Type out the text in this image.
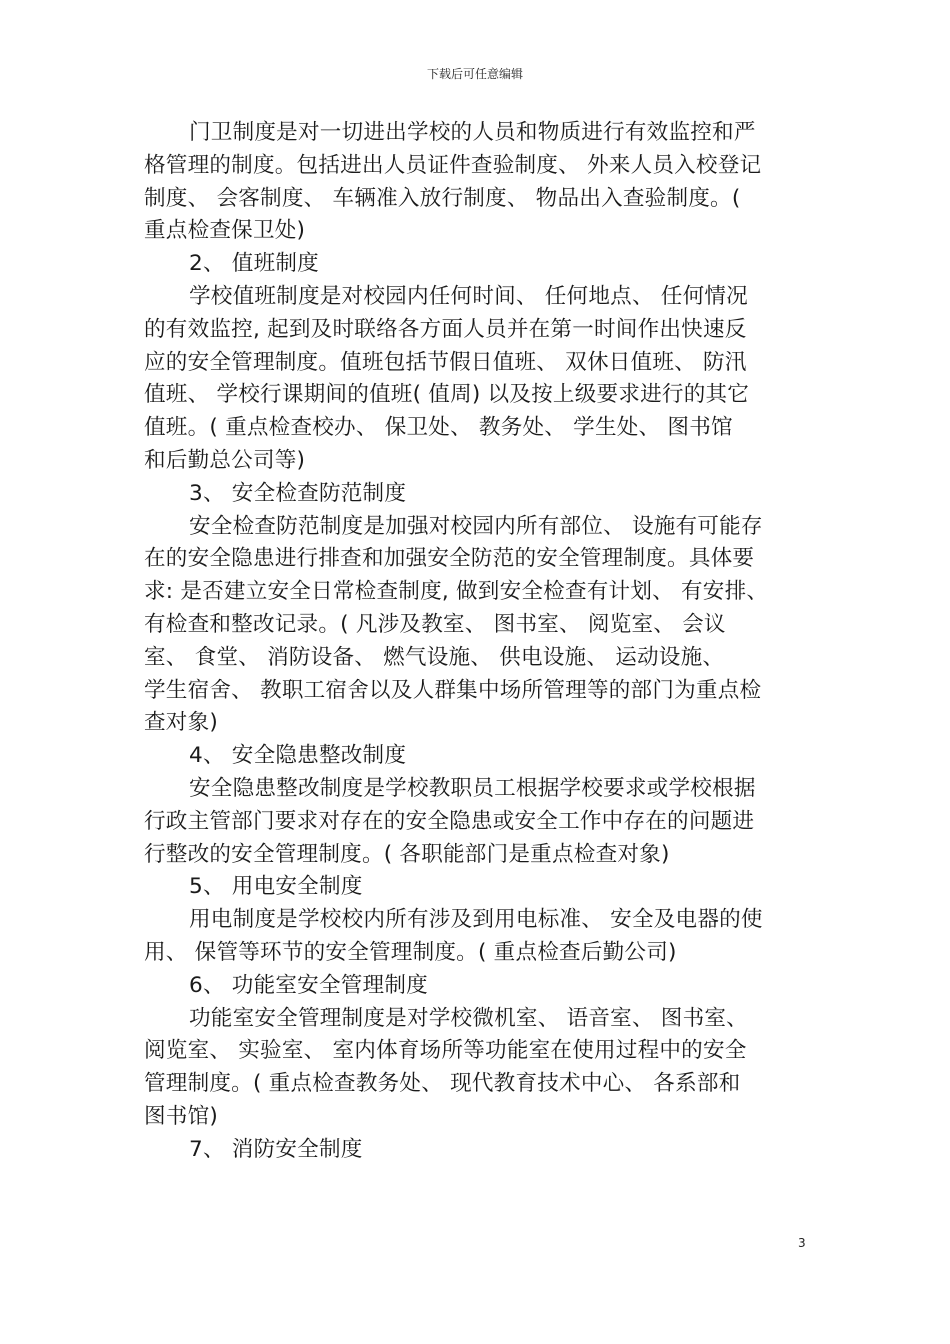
下载后可任意编辑
门卫制度是对一切进出学校的人员和物质进行有效监控和严
格管理的制度。包括进出人员证件查验制度、 外来人员入校登记
制度、 会客制度、 车辆准入放行制度、 物品出入查验制度。(
重点检查保卫处)
2、 值班制度
学校值班制度是对校园内任何时间、 任何地点、 任何情况
的有效监控, 起到及时联络各方面人员并在第一时间作出快速反
应的安全管理制度。值班包括节假日值班、 双休日值班、 防汛
值班、 学校行课期间的值班( 值周) 以及按上级要求进行的其它
值班。( 重点检查校办、 保卫处、 教务处、 学生处、 图书馆
和后勤总公司等)
3、 安全检查防范制度
安全检查防范制度是加强对校园内所有部位、 设施有可能存
在的安全隐患进行排查和加强安全防范的安全管理制度。具体要
求: 是否建立安全日常检查制度, 做到安全检查有计划、 有安排、
有检查和整改记录。( 凡涉及教室、 图书室、 阅览室、 会议
室、 食堂、 消防设备、 燃气设施、 供电设施、 运动设施、
学生宿舍、 教职工宿舍以及人群集中场所管理等的部门为重点检
查对象)
4、 安全隐患整改制度
安全隐患整改制度是学校教职员工根据学校要求或学校根据
行政主管部门要求对存在的安全隐患或安全工作中存在的问题进
行整改的安全管理制度。( 各职能部门是重点检查对象)
5、 用电安全制度
用电制度是学校校内所有涉及到用电标准、 安全及电器的使
用、 保管等环节的安全管理制度。( 重点检查后勤公司)
6、 功能室安全管理制度
功能室安全管理制度是对学校微机室、 语音室、 图书室、
阅览室、 实验室、 室内体育场所等功能室在使用过程中的安全
管理制度。( 重点检查教务处、 现代教育技术中心、 各系部和
图书馆)
7、 消防安全制度
3
